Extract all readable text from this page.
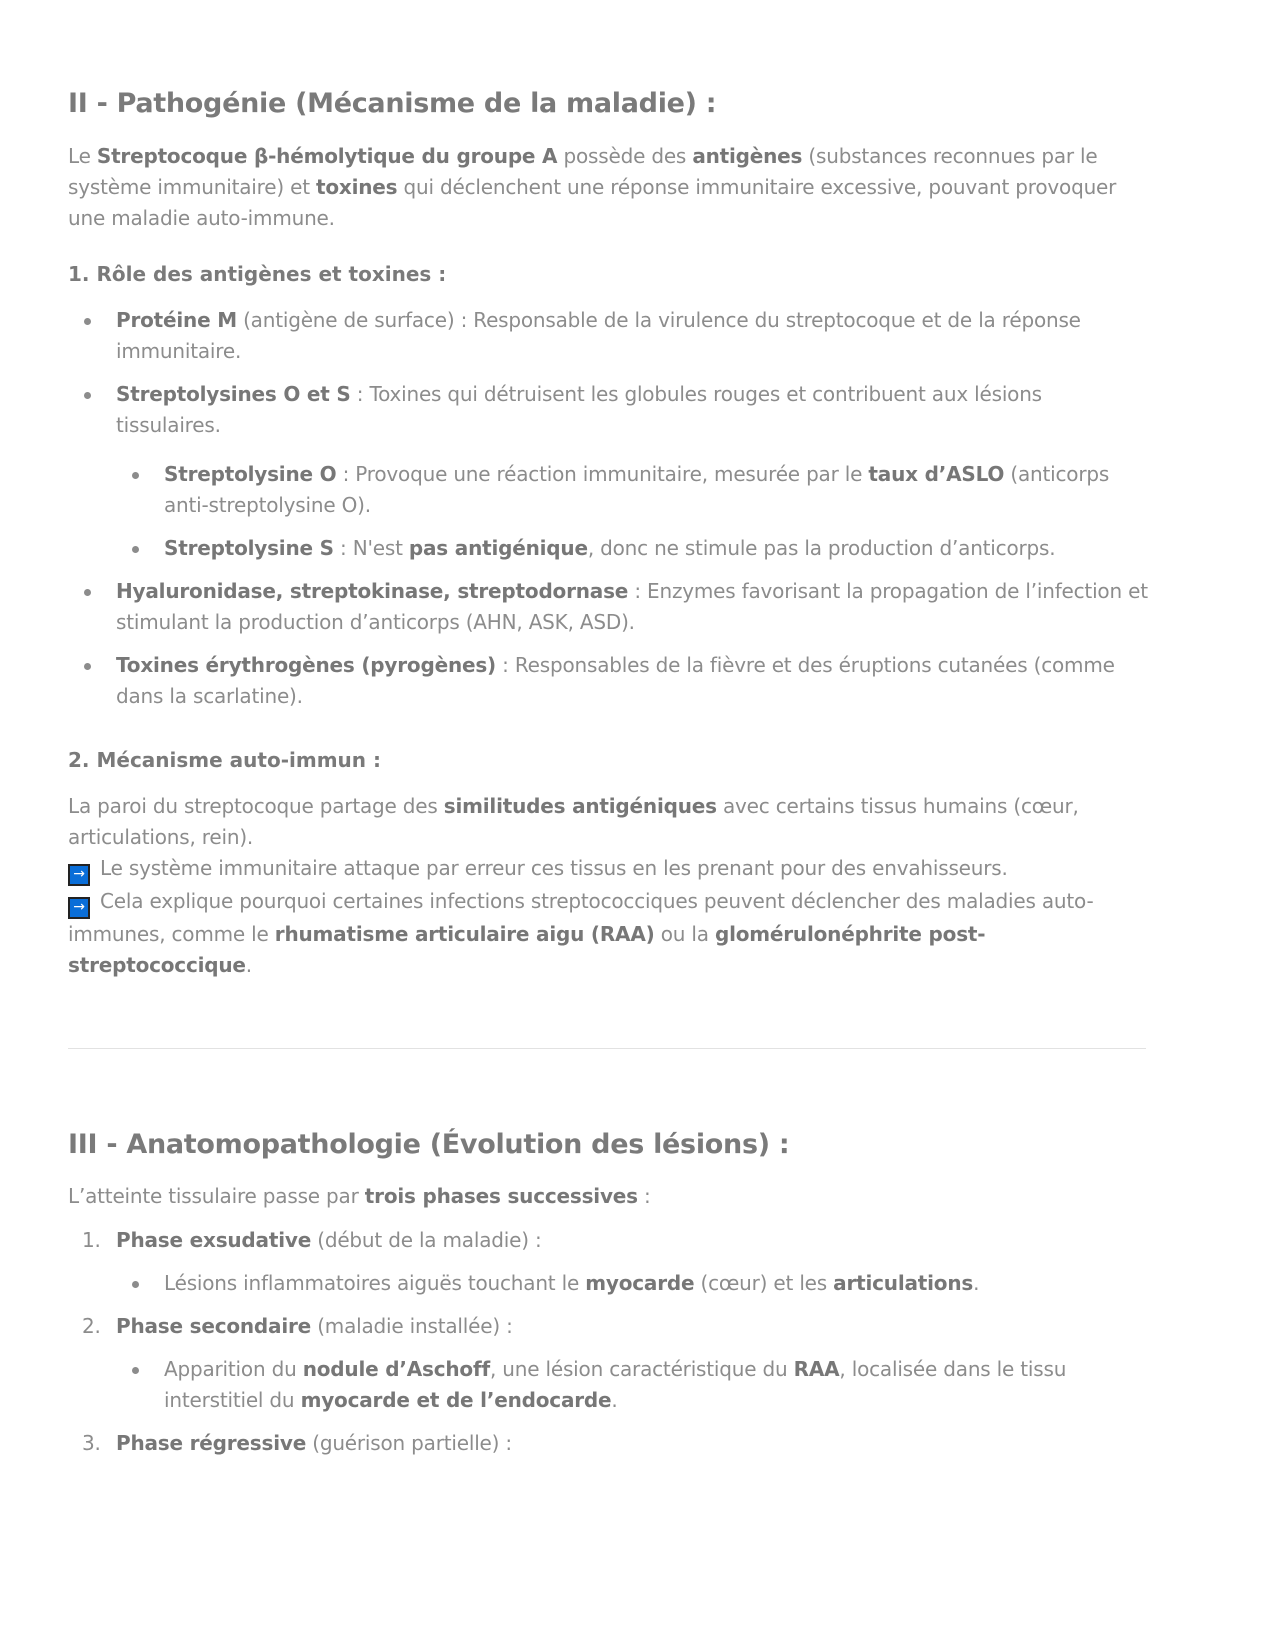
II - Pathogénie (Mécanisme de la maladie) :

Le Streptocoque β-hémolytique du groupe A possède des antigènes (substances reconnues par le système immunitaire) et toxines qui déclenchent une réponse immunitaire excessive, pouvant provoquer une maladie auto-immune.

1. Rôle des antigènes et toxines :
Protéine M (antigène de surface) : Responsable de la virulence du streptocoque et de la réponse immunitaire.
Streptolysines O et S : Toxines qui détruisent les globules rouges et contribuent aux lésions tissulaires.
Streptolysine O : Provoque une réaction immunitaire, mesurée par le taux d’ASLO (anticorps anti-streptolysine O).
Streptolysine S : N'est pas antigénique, donc ne stimule pas la production d’anticorps.
Hyaluronidase, streptokinase, streptodornase : Enzymes favorisant la propagation de l’infection et stimulant la production d’anticorps (AHN, ASK, ASD).
Toxines érythrogènes (pyrogènes) : Responsables de la fièvre et des éruptions cutanées (comme dans la scarlatine).
2. Mécanisme auto-immun :

La paroi du streptocoque partage des similitudes antigéniques avec certains tissus humains (cœur, articulations, rein).

→ Le système immunitaire attaque par erreur ces tissus en les prenant pour des envahisseurs.

→ Cela explique pourquoi certaines infections streptococciques peuvent déclencher des maladies auto-immunes, comme le rhumatisme articulaire aigu (RAA) ou la glomérulonéphrite post-streptococcique.

III - Anatomopathologie (Évolution des lésions) :

L’atteinte tissulaire passe par trois phases successives :

1. Phase exsudative (début de la maladie) :
Lésions inflammatoires aiguës touchant le myocarde (cœur) et les articulations.
2. Phase secondaire (maladie installée) :
Apparition du nodule d’Aschoff, une lésion caractéristique du RAA, localisée dans le tissu interstitiel du myocarde et de l’endocarde.
3. Phase régressive (guérison partielle) :
